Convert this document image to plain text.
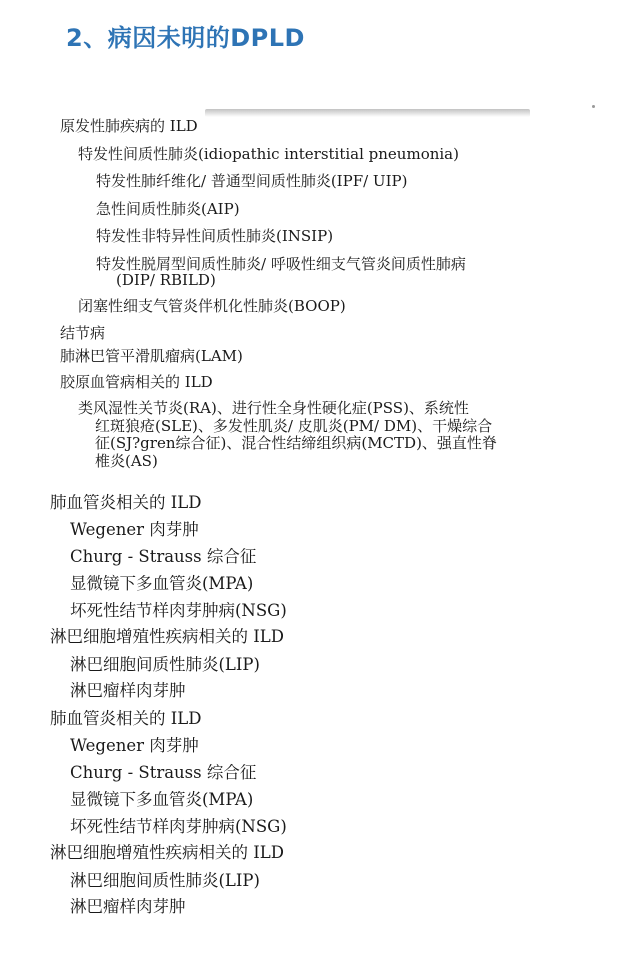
2、病因未明的DPLD
原发性肺疾病的 ILD
特发性间质性肺炎(idiopathic interstitial pneumonia)
特发性肺纤维化/ 普通型间质性肺炎(IPF/ UIP)
急性间质性肺炎(AIP)
特发性非特异性间质性肺炎(INSIP)
特发性脱屑型间质性肺炎/ 呼吸性细支气管炎间质性肺病
(DIP/ RBILD)
闭塞性细支气管炎伴机化性肺炎(BOOP)
结节病
肺淋巴管平滑肌瘤病(LAM)
胶原血管病相关的 ILD
类风湿性关节炎(RA)、进行性全身性硬化症(PSS)、系统性
红斑狼疮(SLE)、多发性肌炎/ 皮肌炎(PM/ DM)、干燥综合
征(SJ?gren综合征)、混合性结缔组织病(MCTD)、强直性脊
椎炎(AS)
肺血管炎相关的 ILD
Wegener 肉芽肿
Churg - Strauss 综合征
显微镜下多血管炎(MPA)
坏死性结节样肉芽肿病(NSG)
淋巴细胞增殖性疾病相关的 ILD
淋巴细胞间质性肺炎(LIP)
淋巴瘤样肉芽肿
肺血管炎相关的 ILD
Wegener 肉芽肿
Churg - Strauss 综合征
显微镜下多血管炎(MPA)
坏死性结节样肉芽肿病(NSG)
淋巴细胞增殖性疾病相关的 ILD
淋巴细胞间质性肺炎(LIP)
淋巴瘤样肉芽肿
